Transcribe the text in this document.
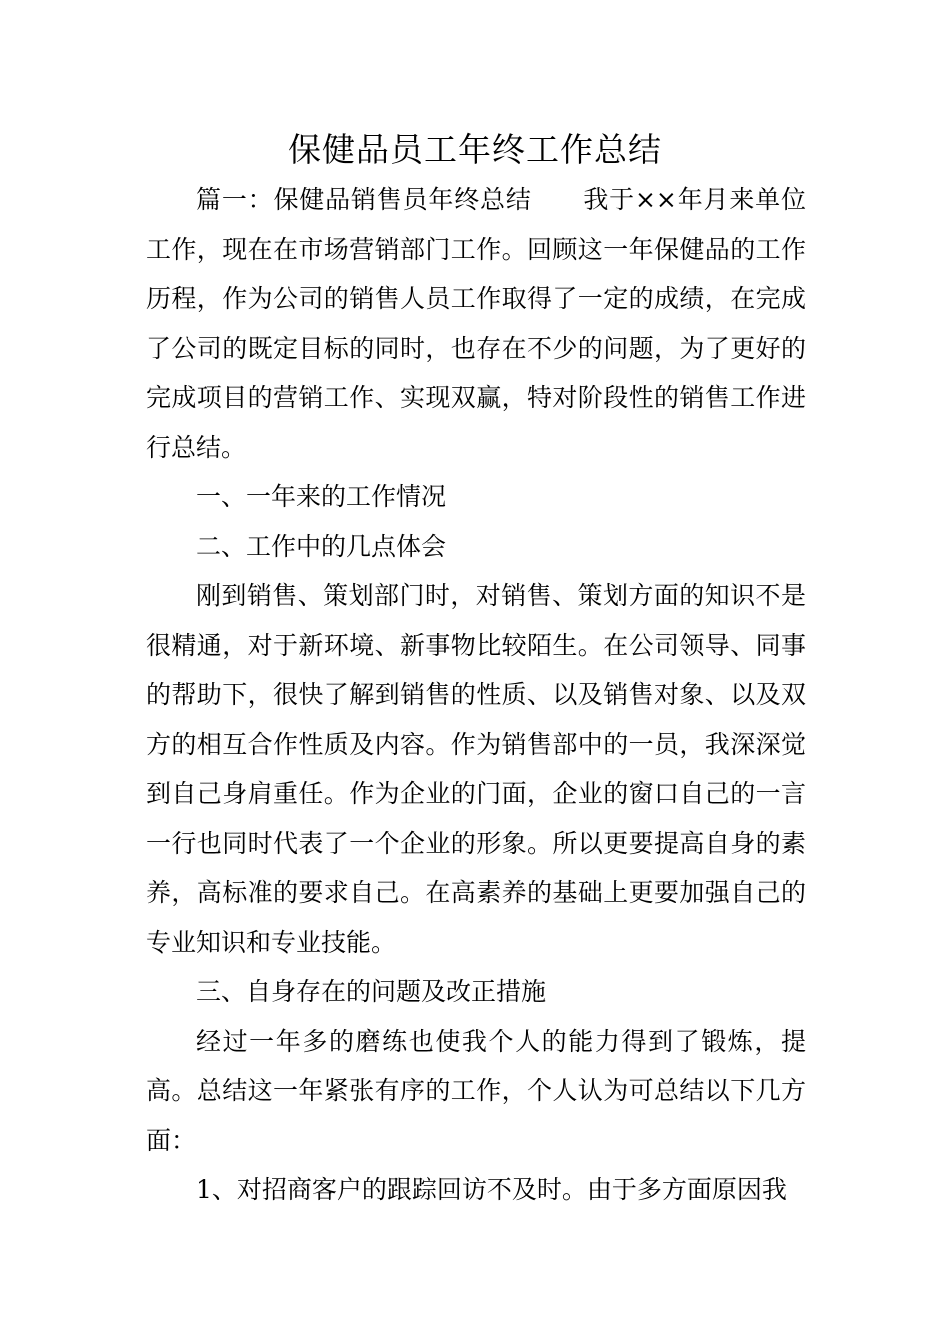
保健品员工年终工作总结

篇一：保健品销售员年终总结　　我于××年月来单位工作，现在在市场营销部门工作。回顾这一年保健品的工作历程，作为公司的销售人员工作取得了一定的成绩，在完成了公司的既定目标的同时，也存在不少的问题，为了更好的完成项目的营销工作、实现双赢，特对阶段性的销售工作进行总结。

一、一年来的工作情况

二、工作中的几点体会

刚到销售、策划部门时，对销售、策划方面的知识不是很精通，对于新环境、新事物比较陌生。在公司领导、同事的帮助下，很快了解到销售的性质、以及销售对象、以及双方的相互合作性质及内容。作为销售部中的一员，我深深觉到自己身肩重任。作为企业的门面，企业的窗口自己的一言一行也同时代表了一个企业的形象。所以更要提高自身的素养，高标准的要求自己。在高素养的基础上更要加强自己的专业知识和专业技能。

三、自身存在的问题及改正措施

经过一年多的磨练也使我个人的能力得到了锻炼，提高。总结这一年紧张有序的工作，个人认为可总结以下几方面：

1、对招商客户的跟踪回访不及时。由于多方面原因我
